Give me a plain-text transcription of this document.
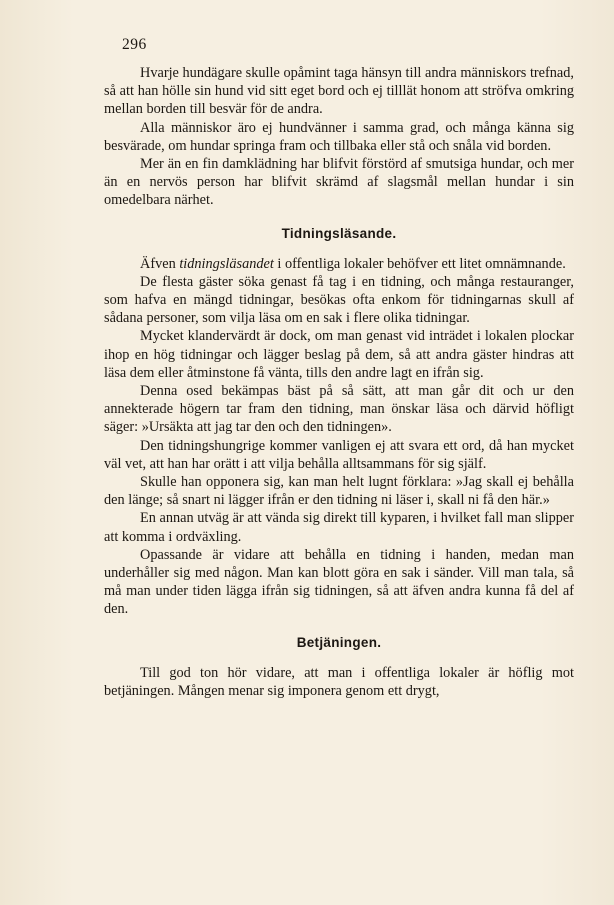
296

Hvarje hundägare skulle opåmint taga hänsyn till andra människors trefnad, så att han hölle sin hund vid sitt eget bord och ej tilllät honom att ströfva omkring mellan borden till besvär för de andra.

Alla människor äro ej hundvänner i samma grad, och många känna sig besvärade, om hundar springa fram och tillbaka eller stå och snåla vid borden.

Mer än en fin damklädning har blifvit förstörd af smutsiga hundar, och mer än en nervös person har blifvit skrämd af slagsmål mellan hundar i sin omedelbara närhet.

Tidningsläsande.

Äfven tidningsläsandet i offentliga lokaler behöfver ett litet omnämnande.

De flesta gäster söka genast få tag i en tidning, och många restauranger, som hafva en mängd tidningar, besökas ofta enkom för tidningarnas skull af sådana personer, som vilja läsa om en sak i flere olika tidningar.

Mycket klandervärdt är dock, om man genast vid inträdet i lokalen plockar ihop en hög tidningar och lägger beslag på dem, så att andra gäster hindras att läsa dem eller åtminstone få vänta, tills den andre lagt en ifrån sig.

Denna osed bekämpas bäst på så sätt, att man går dit och ur den annekterade högern tar fram den tidning, man önskar läsa och därvid höfligt säger: »Ursäkta att jag tar den och den tidningen».

Den tidningshungrige kommer vanligen ej att svara ett ord, då han mycket väl vet, att han har orätt i att vilja behålla alltsammans för sig själf.

Skulle han opponera sig, kan man helt lugnt förklara: »Jag skall ej behålla den länge; så snart ni lägger ifrån er den tidning ni läser i, skall ni få den här.»

En annan utväg är att vända sig direkt till kyparen, i hvilket fall man slipper att komma i ordväxling.

Opassande är vidare att behålla en tidning i handen, medan man underhåller sig med någon. Man kan blott göra en sak i sänder. Vill man tala, så må man under tiden lägga ifrån sig tidningen, så att äfven andra kunna få del af den.

Betjäningen.

Till god ton hör vidare, att man i offentliga lokaler är höflig mot betjäningen. Mången menar sig imponera genom ett drygt,
